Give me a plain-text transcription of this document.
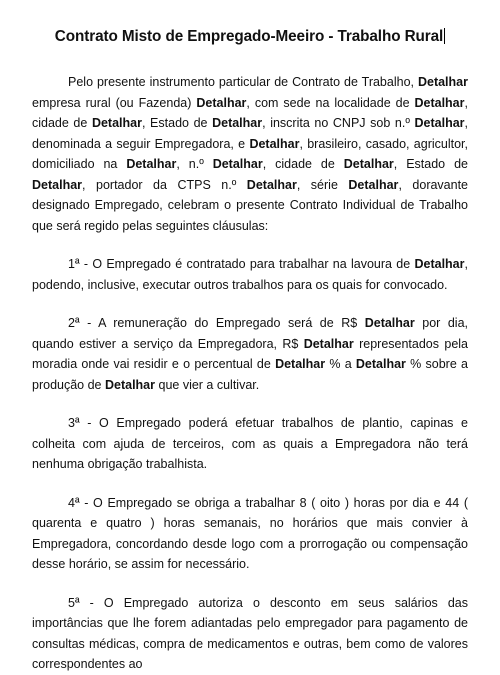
Contrato Misto de Empregado-Meeiro - Trabalho Rural

Pelo presente instrumento particular de Contrato de Trabalho, Detalhar empresa rural (ou Fazenda) Detalhar, com sede na localidade de Detalhar, cidade de Detalhar, Estado de Detalhar, inscrita no CNPJ sob n.º Detalhar, denominada a seguir Empregadora, e Detalhar, brasileiro, casado, agricultor, domiciliado na Detalhar, n.º Detalhar, cidade de Detalhar, Estado de Detalhar, portador da CTPS n.º Detalhar, série Detalhar, doravante designado Empregado, celebram o presente Contrato Individual de Trabalho que será regido pelas seguintes cláusulas:

1ª - O Empregado é contratado para trabalhar na lavoura de Detalhar, podendo, inclusive, executar outros trabalhos para os quais for convocado.

2ª - A remuneração do Empregado será de R$ Detalhar por dia, quando estiver a serviço da Empregadora, R$ Detalhar representados pela moradia onde vai residir e o percentual de Detalhar % a Detalhar % sobre a produção de Detalhar que vier a cultivar.

3ª - O Empregado poderá efetuar trabalhos de plantio, capinas e colheita com ajuda de terceiros, com as quais a Empregadora não terá nenhuma obrigação trabalhista.

4ª - O Empregado se obriga a trabalhar 8 ( oito ) horas por dia e 44 ( quarenta e quatro ) horas semanais, no horários que mais convier à Empregadora, concordando desde logo com a prorrogação ou compensação desse horário, se assim for necessário.

5ª - O Empregado autoriza o desconto em seus salários das importâncias que lhe forem adiantadas pelo empregador para pagamento de consultas médicas, compra de medicamentos e outras, bem como de valores correspondentes ao
